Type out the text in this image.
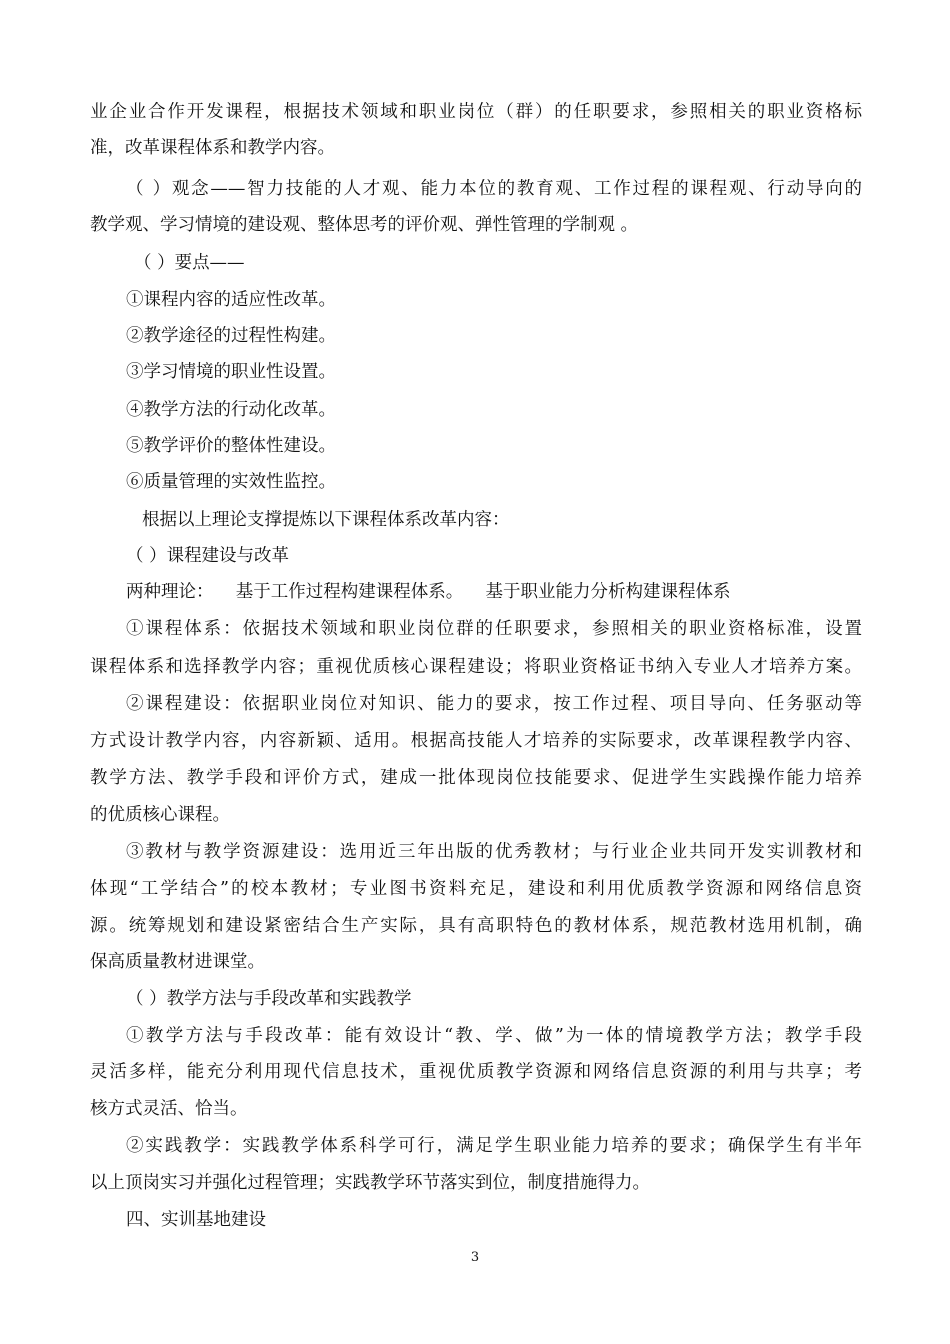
业企业合作开发课程，根据技术领域和职业岗位（群）的任职要求，参照相关的职业资格标
准，改革课程体系和教学内容。
（ ）观念——智力技能的人才观、能力本位的教育观、工作过程的课程观、行动导向的
教学观、学习情境的建设观、整体思考的评价观、弹性管理的学制观 。
（ ）要点——
①课程内容的适应性改革。
②教学途径的过程性构建。
③学习情境的职业性设置。
④教学方法的行动化改革。
⑤教学评价的整体性建设。
⑥质量管理的实效性监控。
根据以上理论支撑提炼以下课程体系改革内容：
（ ）课程建设与改革
两种理论：    基于工作过程构建课程体系。    基于职业能力分析构建课程体系
①课程体系：依据技术领域和职业岗位群的任职要求，参照相关的职业资格标准，设置
课程体系和选择教学内容；重视优质核心课程建设；将职业资格证书纳入专业人才培养方案。
②课程建设：依据职业岗位对知识、能力的要求，按工作过程、项目导向、任务驱动等
方式设计教学内容，内容新颖、适用。根据高技能人才培养的实际要求，改革课程教学内容、
教学方法、教学手段和评价方式，建成一批体现岗位技能要求、促进学生实践操作能力培养
的优质核心课程。
③教材与教学资源建设：选用近三年出版的优秀教材；与行业企业共同开发实训教材和
体现“工学结合”的校本教材；专业图书资料充足，建设和利用优质教学资源和网络信息资
源。统筹规划和建设紧密结合生产实际，具有高职特色的教材体系，规范教材选用机制，确
保高质量教材进课堂。
（ ）教学方法与手段改革和实践教学
①教学方法与手段改革：能有效设计“教、学、做”为一体的情境教学方法；教学手段
灵活多样，能充分利用现代信息技术，重视优质教学资源和网络信息资源的利用与共享；考
核方式灵活、恰当。
②实践教学：实践教学体系科学可行，满足学生职业能力培养的要求；确保学生有半年
以上顶岗实习并强化过程管理；实践教学环节落实到位，制度措施得力。
四、实训基地建设
3
